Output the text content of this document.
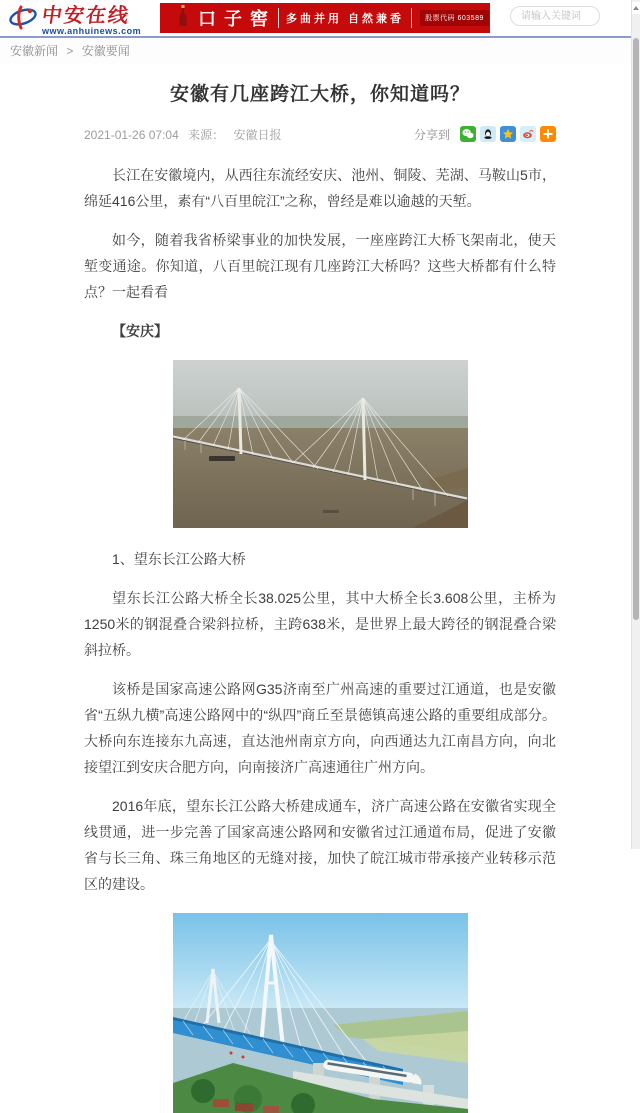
中安在线
www.anhuinews.com
口子窖 多曲并用 自然兼香	股票代码 603589
请输入关键词
安徽新闻 > 安徽要闻
安徽有几座跨江大桥，你知道吗？
2021-01-26 07:04 来源： 安徽日报	分享到

长江在安徽境内，从西往东流经安庆、池州、铜陵、芜湖、马鞍山5市，绵延416公里，素有“八百里皖江”之称，曾经是难以逾越的天堑。

如今，随着我省桥梁事业的加快发展，一座座跨江大桥飞架南北，使天堑变通途。你知道，八百里皖江现有几座跨江大桥吗？这些大桥都有什么特点？一起看看

【安庆】

1、望东长江公路大桥

望东长江公路大桥全长38.025公里，其中大桥全长3.608公里，主桥为1250米的钢混叠合梁斜拉桥，主跨638米，是世界上最大跨径的钢混叠合梁斜拉桥。

该桥是国家高速公路网G35济南至广州高速的重要过江通道，也是安徽省“五纵九横”高速公路网中的“纵四”商丘至景德镇高速公路的重要组成部分。大桥向东连接东九高速，直达池州南京方向，向西通达九江南昌方向，向北接望江到安庆合肥方向，向南接济广高速通往广州方向。

2016年底，望东长江公路大桥建成通车，济广高速公路在安徽省实现全线贯通，进一步完善了国家高速公路网和安徽省过江通道布局，促进了安徽省与长三角、珠三角地区的无缝对接，加快了皖江城市带承接产业转移示范区的建设。
